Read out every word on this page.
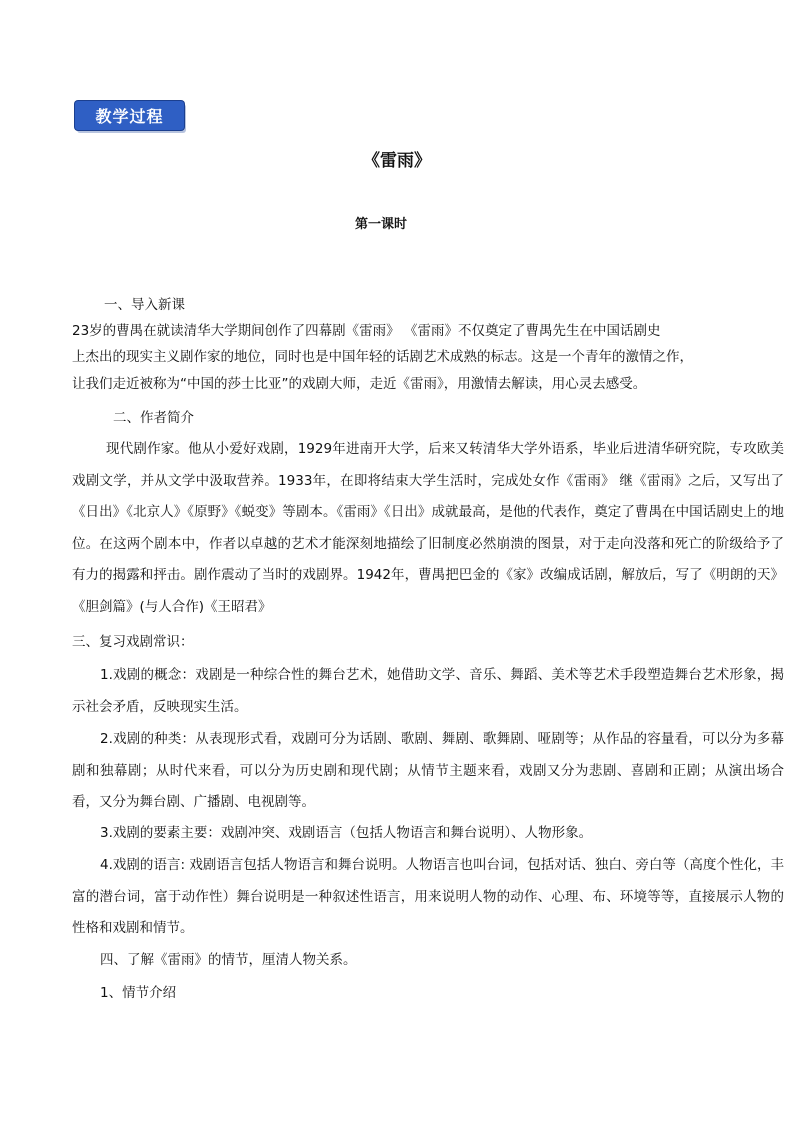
教学过程
《雷雨》
第一课时
一、导入新课
23岁的曹禺在就读清华大学期间创作了四幕剧《雷雨》 《雷雨》不仅奠定了曹禺先生在中国话剧史
上杰出的现实主义剧作家的地位，同时也是中国年轻的话剧艺术成熟的标志。这是一个青年的激情之作，
让我们走近被称为“中国的莎士比亚”的戏剧大师，走近《雷雨》，用激情去解读，用心灵去感受。
二、作者简介
现代剧作家。他从小爱好戏剧，1929年进南开大学，后来又转清华大学外语系，毕业后进清华研究院，专攻欧美戏剧文学，并从文学中汲取营养。1933年，在即将结束大学生活时，完成处女作《雷雨》 继《雷雨》之后，又写出了《日出》《北京人》《原野》《蜕变》等剧本。《雷雨》《日出》成就最高，是他的代表作，奠定了曹禺在中国话剧史上的地位。在这两个剧本中，作者以卓越的艺术才能深刻地描绘了旧制度必然崩溃的图景，对于走向没落和死亡的阶级给予了有力的揭露和抨击。剧作震动了当时的戏剧界。1942年，曹禺把巴金的《家》改编成话剧，解放后，写了《明朗的天》《胆剑篇》(与人合作)《王昭君》
三、复习戏剧常识：
1.戏剧的概念：戏剧是一种综合性的舞台艺术，她借助文学、音乐、舞蹈、美术等艺术手段塑造舞台艺术形象，揭示社会矛盾，反映现实生活。
2.戏剧的种类：从表现形式看，戏剧可分为话剧、歌剧、舞剧、歌舞剧、哑剧等；从作品的容量看，可以分为多幕剧和独幕剧；从时代来看，可以分为历史剧和现代剧；从情节主题来看，戏剧又分为悲剧、喜剧和正剧；从演出场合看，又分为舞台剧、广播剧、电视剧等。
3.戏剧的要素主要：戏剧冲突、戏剧语言（包括人物语言和舞台说明）、人物形象。
4.戏剧的语言: 戏剧语言包括人物语言和舞台说明。人物语言也叫台词，包括对话、独白、旁白等（高度个性化，丰富的潜台词，富于动作性）舞台说明是一种叙述性语言，用来说明人物的动作、心理、布、环境等等，直接展示人物的性格和戏剧和情节。
四、了解《雷雨》的情节，厘清人物关系。
1、情节介绍
